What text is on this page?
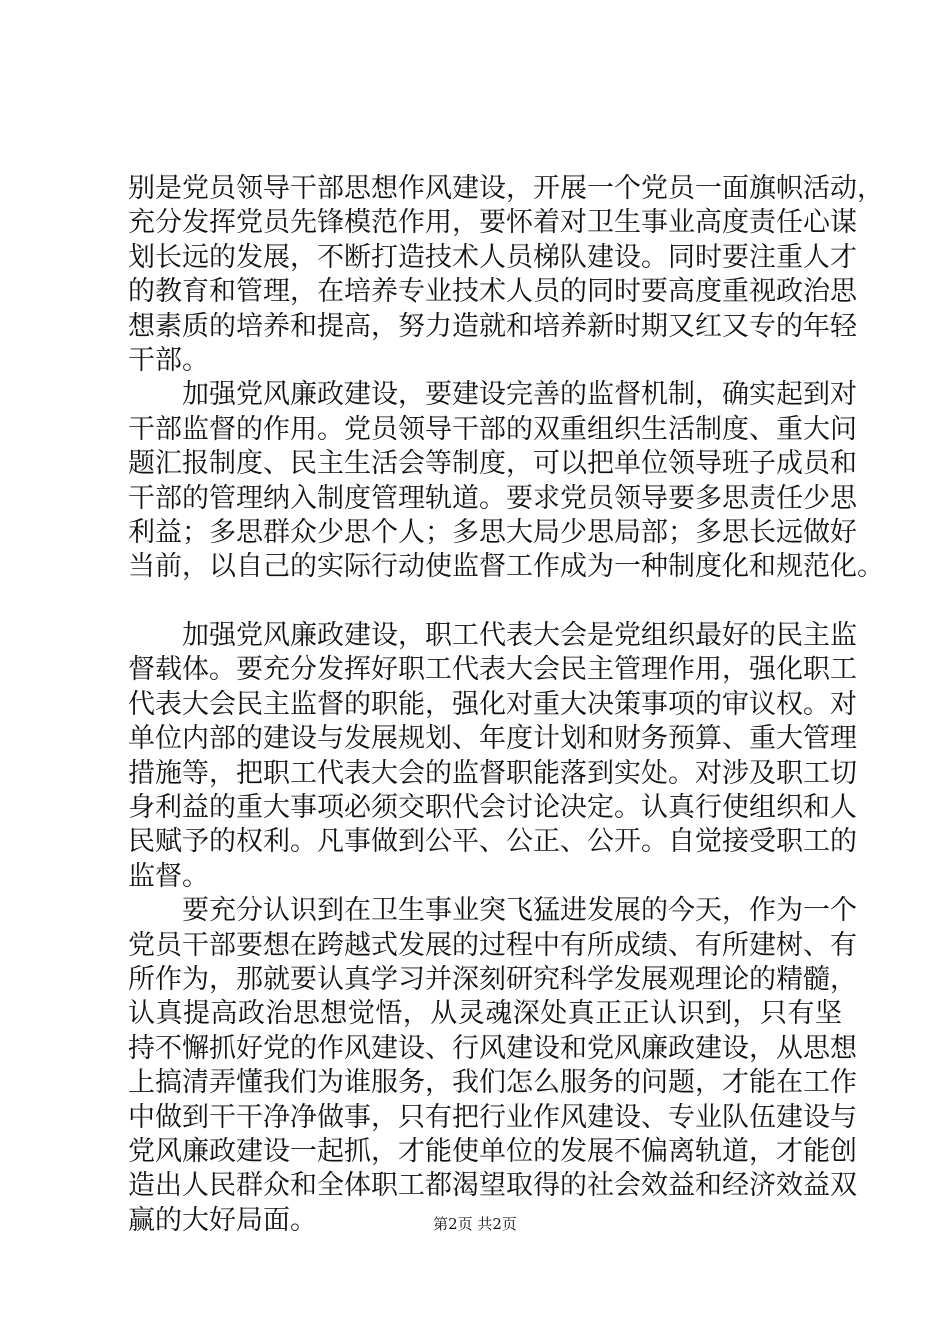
别是党员领导干部思想作风建设，开展一个党员一面旗帜活动，
充分发挥党员先锋模范作用，要怀着对卫生事业高度责任心谋
划长远的发展，不断打造技术人员梯队建设。同时要注重人才
的教育和管理，在培养专业技术人员的同时要高度重视政治思
想素质的培养和提高，努力造就和培养新时期又红又专的年轻
干部。
加强党风廉政建设，要建设完善的监督机制，确实起到对
干部监督的作用。党员领导干部的双重组织生活制度、重大问
题汇报制度、民主生活会等制度，可以把单位领导班子成员和
干部的管理纳入制度管理轨道。要求党员领导要多思责任少思
利益；多思群众少思个人；多思大局少思局部；多思长远做好
当前，以自己的实际行动使监督工作成为一种制度化和规范化。
加强党风廉政建设，职工代表大会是党组织最好的民主监
督载体。要充分发挥好职工代表大会民主管理作用，强化职工
代表大会民主监督的职能，强化对重大决策事项的审议权。对
单位内部的建设与发展规划、年度计划和财务预算、重大管理
措施等，把职工代表大会的监督职能落到实处。对涉及职工切
身利益的重大事项必须交职代会讨论决定。认真行使组织和人
民赋予的权利。凡事做到公平、公正、公开。自觉接受职工的
监督。
要充分认识到在卫生事业突飞猛进发展的今天，作为一个
党员干部要想在跨越式发展的过程中有所成绩、有所建树、有
所作为，那就要认真学习并深刻研究科学发展观理论的精髓，
认真提高政治思想觉悟，从灵魂深处真正正认识到，只有坚
持不懈抓好党的作风建设、行风建设和党风廉政建设，从思想
上搞清弄懂我们为谁服务，我们怎么服务的问题，才能在工作
中做到干干净净做事，只有把行业作风建设、专业队伍建设与
党风廉政建设一起抓，才能使单位的发展不偏离轨道，才能创
造出人民群众和全体职工都渴望取得的社会效益和经济效益双
赢的大好局面。	第2页 共2页
